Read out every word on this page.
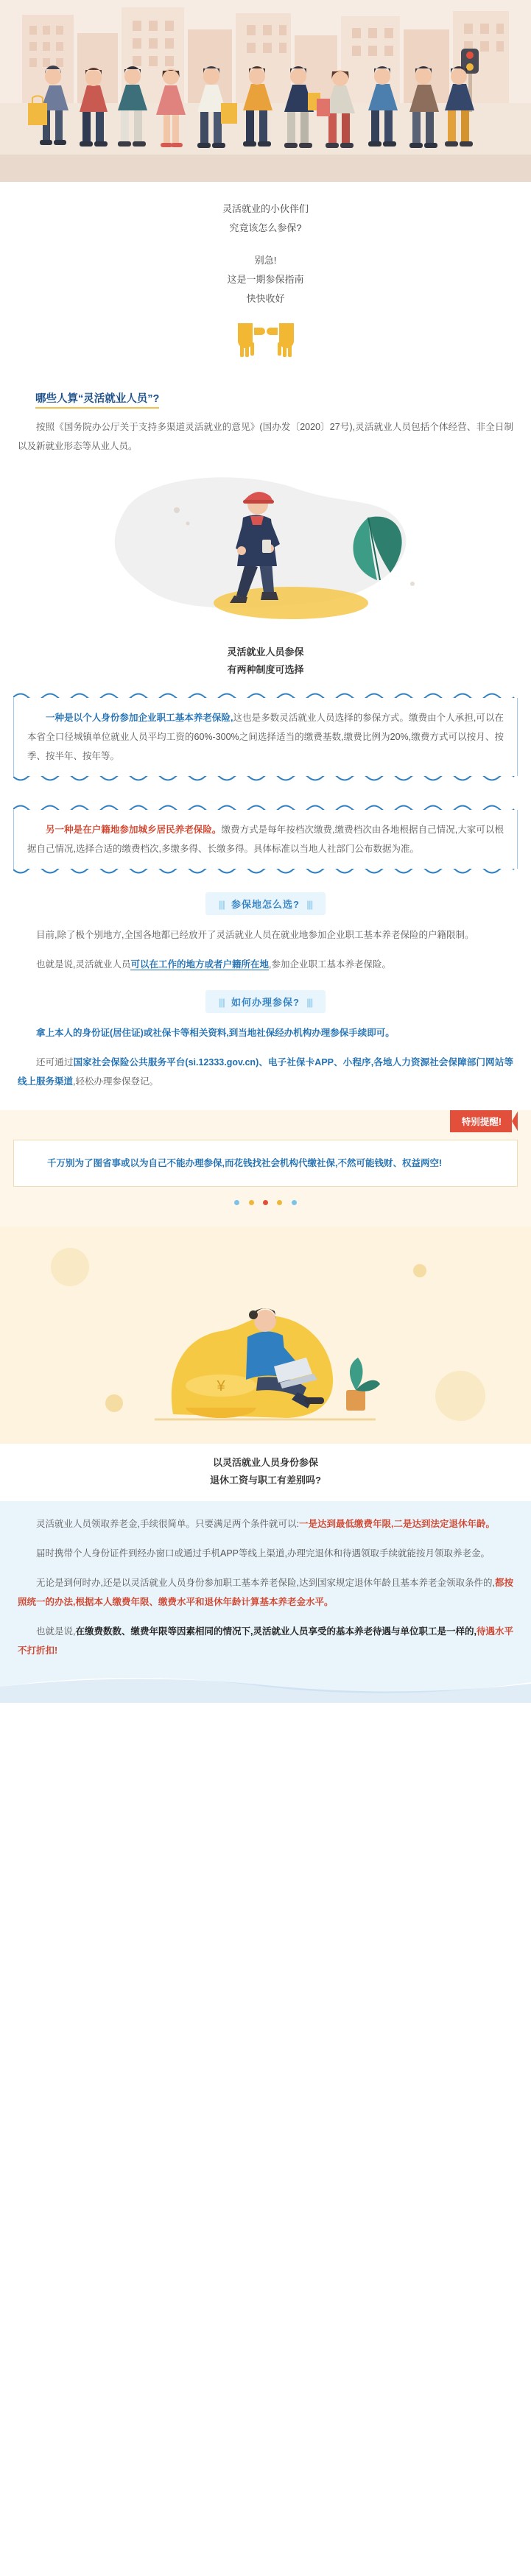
灵活就业的小伙伴们
究竟该怎么参保?
别急!
这是一期参保指南
快快收好
哪些人算“灵活就业人员”?

按照《国务院办公厅关于支持多渠道灵活就业的意见》(国办发〔2020〕27号),灵活就业人员包括个体经营、非全日制以及新就业形态等从业人员。

灵活就业人员参保
有两种制度可选择
一种是以个人身份参加企业职工基本养老保险,这也是多数灵活就业人员选择的参保方式。缴费由个人承担,可以在本省全口径城镇单位就业人员平均工资的60%-300%之间选择适当的缴费基数,缴费比例为20%,缴费方式可以按月、按季、按半年、按年等。
另一种是在户籍地参加城乡居民养老保险。缴费方式是每年按档次缴费,缴费档次由各地根据自己情况,大家可以根据自己情况,选择合适的缴费档次,多缴多得、长缴多得。具体标准以当地人社部门公布数据为准。
||| 参保地怎么选? |||

目前,除了极个别地方,全国各地都已经放开了灵活就业人员在就业地参加企业职工基本养老保险的户籍限制。

也就是说,灵活就业人员可以在工作的地方或者户籍所在地,参加企业职工基本养老保险。

||| 如何办理参保? |||

拿上本人的身份证(居住证)或社保卡等相关资料,到当地社保经办机构办理参保手续即可。

还可通过国家社会保险公共服务平台(si.12333.gov.cn)、电子社保卡APP、小程序,各地人力资源社会保障部门网站等线上服务渠道,轻松办理参保登记。

特别提醒!
千万别为了图省事或以为自己不能办理参保,而花钱找社会机构代缴社保,不然可能钱财、权益两空!

¥
以灵活就业人员身份参保
退休工资与职工有差别吗?

灵活就业人员领取养老金,手续很简单。只要满足两个条件就可以:一是达到最低缴费年限,二是达到法定退休年龄。

届时携带个人身份证件到经办窗口或通过手机APP等线上渠道,办理完退休和待遇领取手续就能按月领取养老金。

无论是到何时办,还是以灵活就业人员身份参加职工基本养老保险,达到国家规定退休年龄且基本养老金领取条件的,都按照统一的办法,根据本人缴费年限、缴费水平和退休年龄计算基本养老金水平。

也就是说,在缴费数数、缴费年限等因素相同的情况下,灵活就业人员享受的基本养老待遇与单位职工是一样的,待遇水平不打折扣!
